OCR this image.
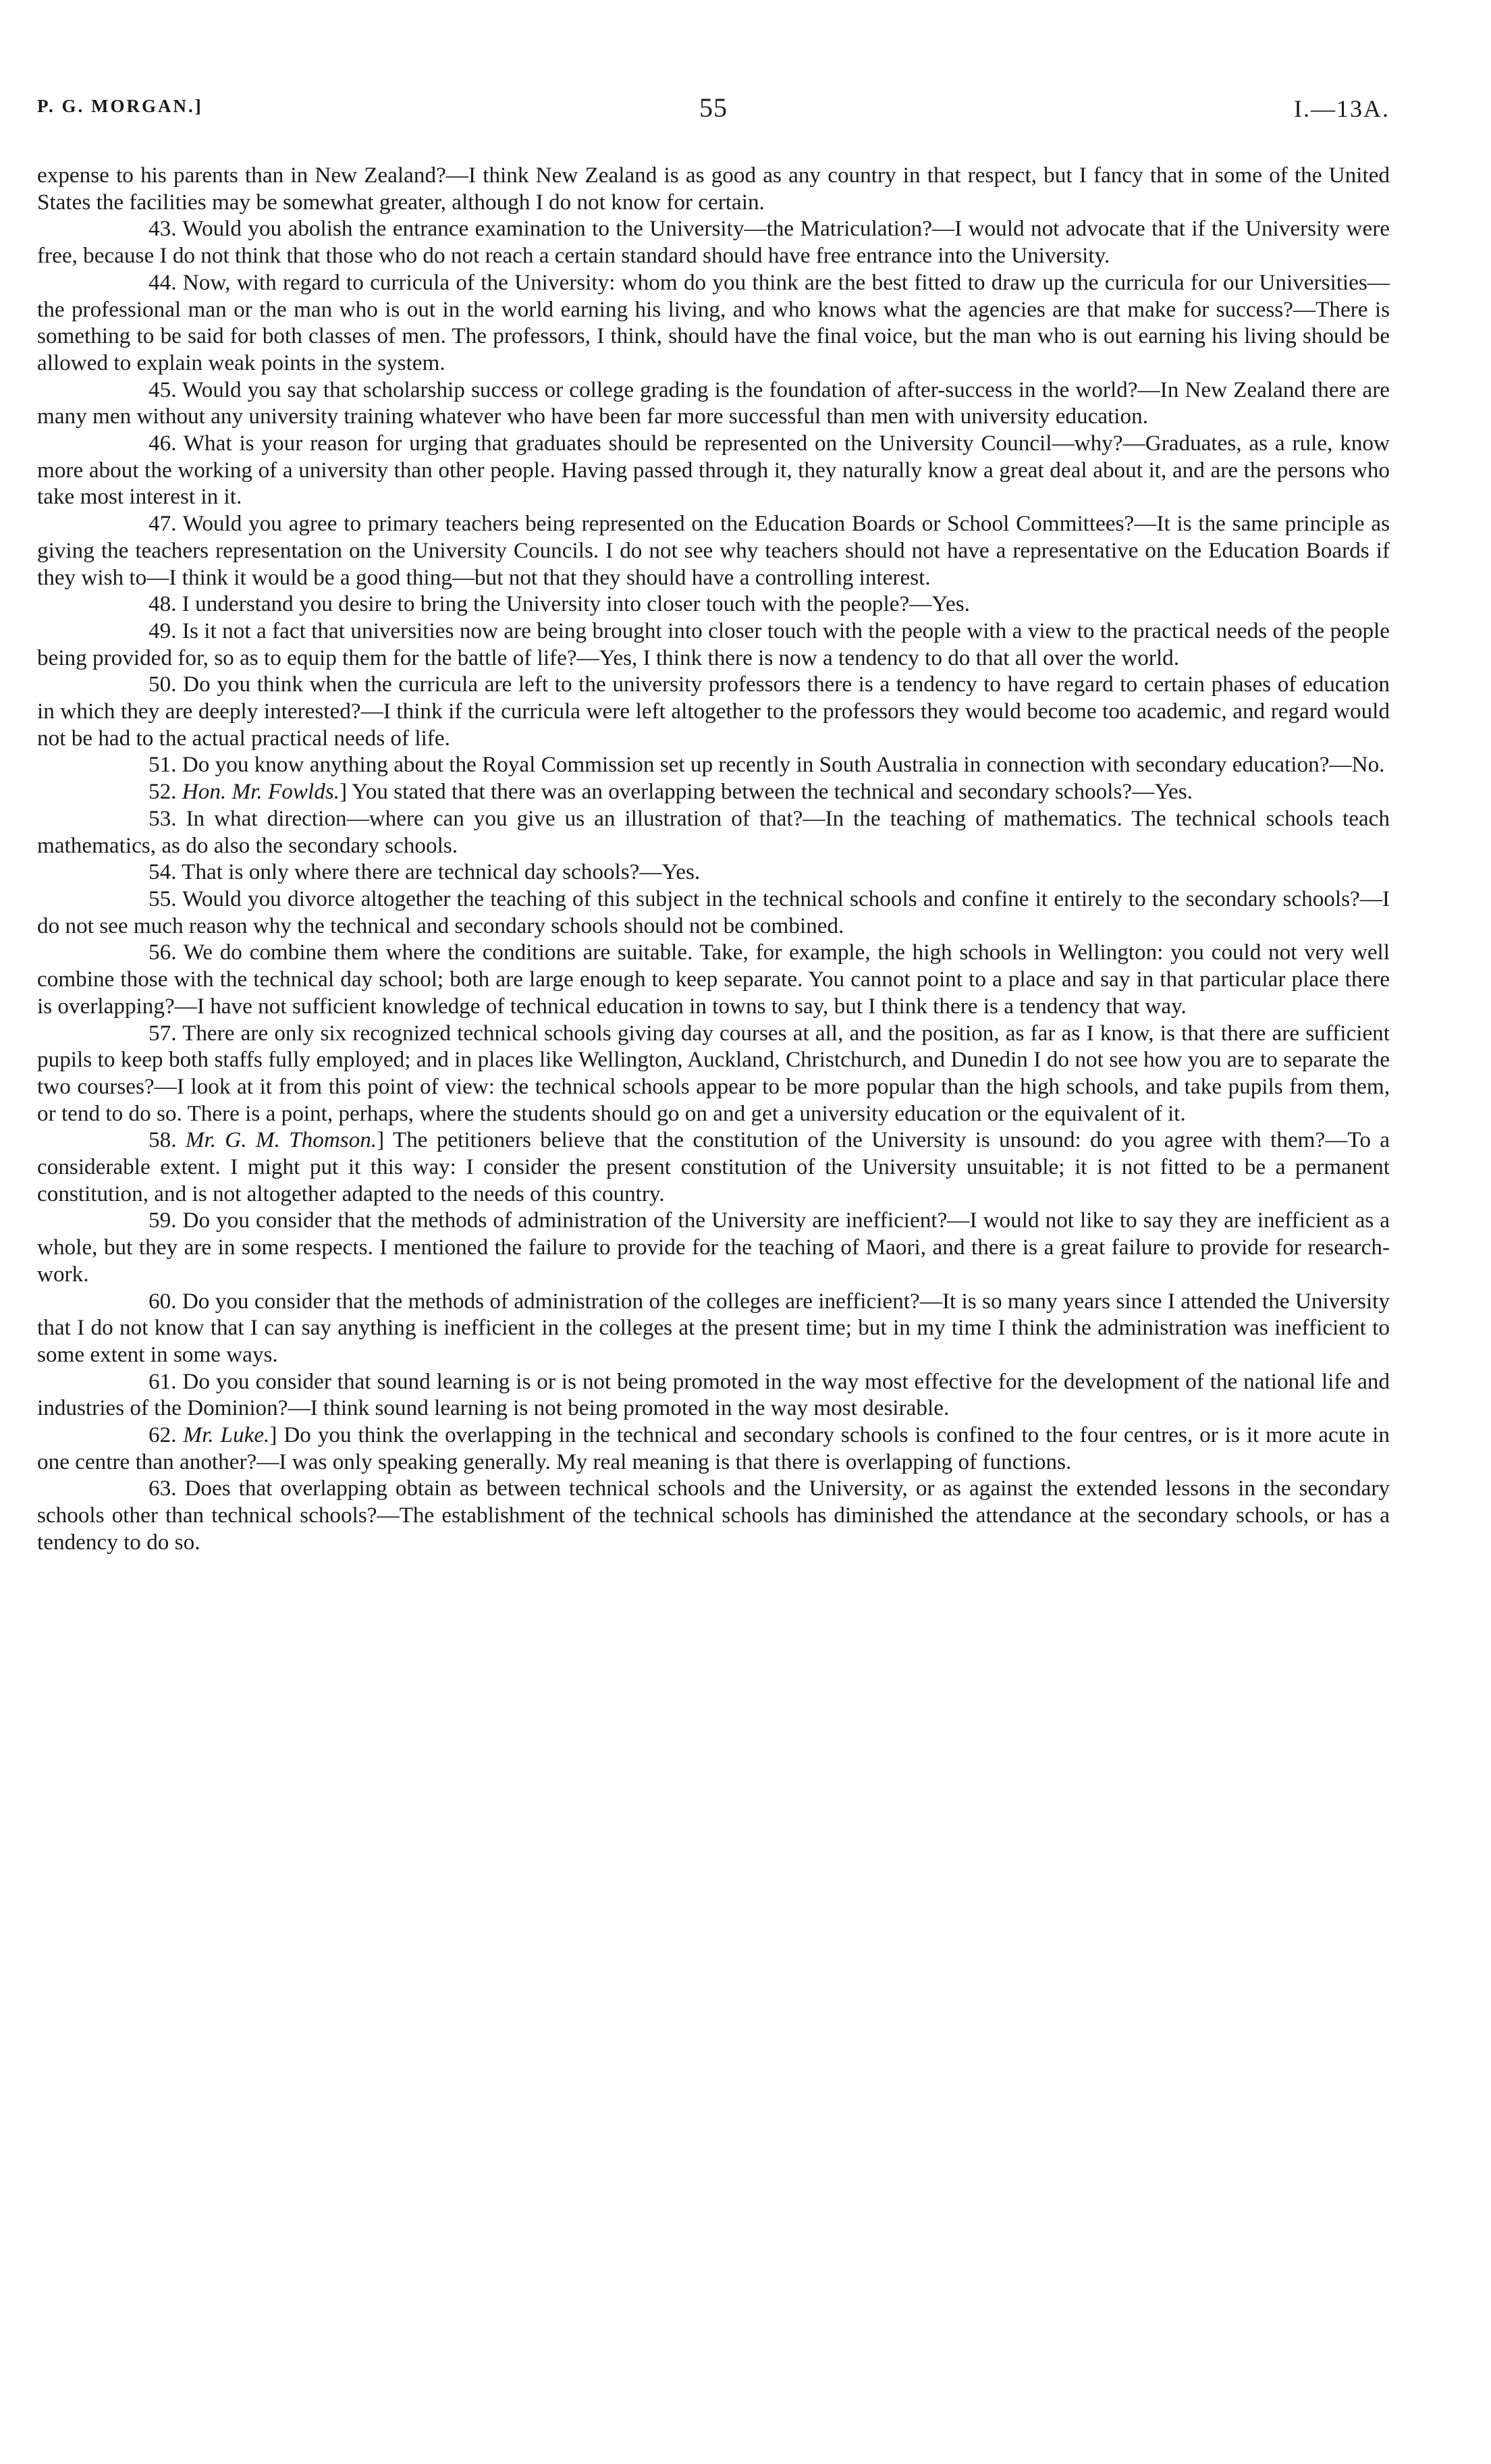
P. G. MORGAN.]	55	I.—13A.

expense to his parents than in New Zealand?—I think New Zealand is as good as any country in that respect, but I fancy that in some of the United States the facilities may be somewhat greater, although I do not know for certain.

43. Would you abolish the entrance examination to the University—the Matriculation?—I would not advocate that if the University were free, because I do not think that those who do not reach a certain standard should have free entrance into the University.

44. Now, with regard to curricula of the University: whom do you think are the best fitted to draw up the curricula for our Universities—the professional man or the man who is out in the world earning his living, and who knows what the agencies are that make for success?—There is something to be said for both classes of men. The professors, I think, should have the final voice, but the man who is out earning his living should be allowed to explain weak points in the system.

45. Would you say that scholarship success or college grading is the foundation of after-success in the world?—In New Zealand there are many men without any university training whatever who have been far more successful than men with university education.

46. What is your reason for urging that graduates should be represented on the University Council—why?—Graduates, as a rule, know more about the working of a university than other people. Having passed through it, they naturally know a great deal about it, and are the persons who take most interest in it.

47. Would you agree to primary teachers being represented on the Education Boards or School Committees?—It is the same principle as giving the teachers representation on the University Councils. I do not see why teachers should not have a representative on the Education Boards if they wish to—I think it would be a good thing—but not that they should have a controlling interest.

48. I understand you desire to bring the University into closer touch with the people?—Yes.

49. Is it not a fact that universities now are being brought into closer touch with the people with a view to the practical needs of the people being provided for, so as to equip them for the battle of life?—Yes, I think there is now a tendency to do that all over the world.

50. Do you think when the curricula are left to the university professors there is a tendency to have regard to certain phases of education in which they are deeply interested?—I think if the curricula were left altogether to the professors they would become too academic, and regard would not be had to the actual practical needs of life.

51. Do you know anything about the Royal Commission set up recently in South Australia in connection with secondary education?—No.

52. Hon. Mr. Fowlds.] You stated that there was an overlapping between the technical and secondary schools?—Yes.

53. In what direction—where can you give us an illustration of that?—In the teaching of mathematics. The technical schools teach mathematics, as do also the secondary schools.

54. That is only where there are technical day schools?—Yes.

55. Would you divorce altogether the teaching of this subject in the technical schools and confine it entirely to the secondary schools?—I do not see much reason why the technical and secondary schools should not be combined.

56. We do combine them where the conditions are suitable. Take, for example, the high schools in Wellington: you could not very well combine those with the technical day school; both are large enough to keep separate. You cannot point to a place and say in that particular place there is overlapping?—I have not sufficient knowledge of technical education in towns to say, but I think there is a tendency that way.

57. There are only six recognized technical schools giving day courses at all, and the position, as far as I know, is that there are sufficient pupils to keep both staffs fully employed; and in places like Wellington, Auckland, Christchurch, and Dunedin I do not see how you are to separate the two courses?—I look at it from this point of view: the technical schools appear to be more popular than the high schools, and take pupils from them, or tend to do so. There is a point, perhaps, where the students should go on and get a university education or the equivalent of it.

58. Mr. G. M. Thomson.] The petitioners believe that the constitution of the University is unsound: do you agree with them?—To a considerable extent. I might put it this way: I consider the present constitution of the University unsuitable; it is not fitted to be a permanent constitution, and is not altogether adapted to the needs of this country.

59. Do you consider that the methods of administration of the University are inefficient?—I would not like to say they are inefficient as a whole, but they are in some respects. I mentioned the failure to provide for the teaching of Maori, and there is a great failure to provide for research-work.

60. Do you consider that the methods of administration of the colleges are inefficient?—It is so many years since I attended the University that I do not know that I can say anything is inefficient in the colleges at the present time; but in my time I think the administration was inefficient to some extent in some ways.

61. Do you consider that sound learning is or is not being promoted in the way most effective for the development of the national life and industries of the Dominion?—I think sound learning is not being promoted in the way most desirable.

62. Mr. Luke.] Do you think the overlapping in the technical and secondary schools is confined to the four centres, or is it more acute in one centre than another?—I was only speaking generally. My real meaning is that there is overlapping of functions.

63. Does that overlapping obtain as between technical schools and the University, or as against the extended lessons in the secondary schools other than technical schools?—The establishment of the technical schools has diminished the attendance at the secondary schools, or has a tendency to do so.
